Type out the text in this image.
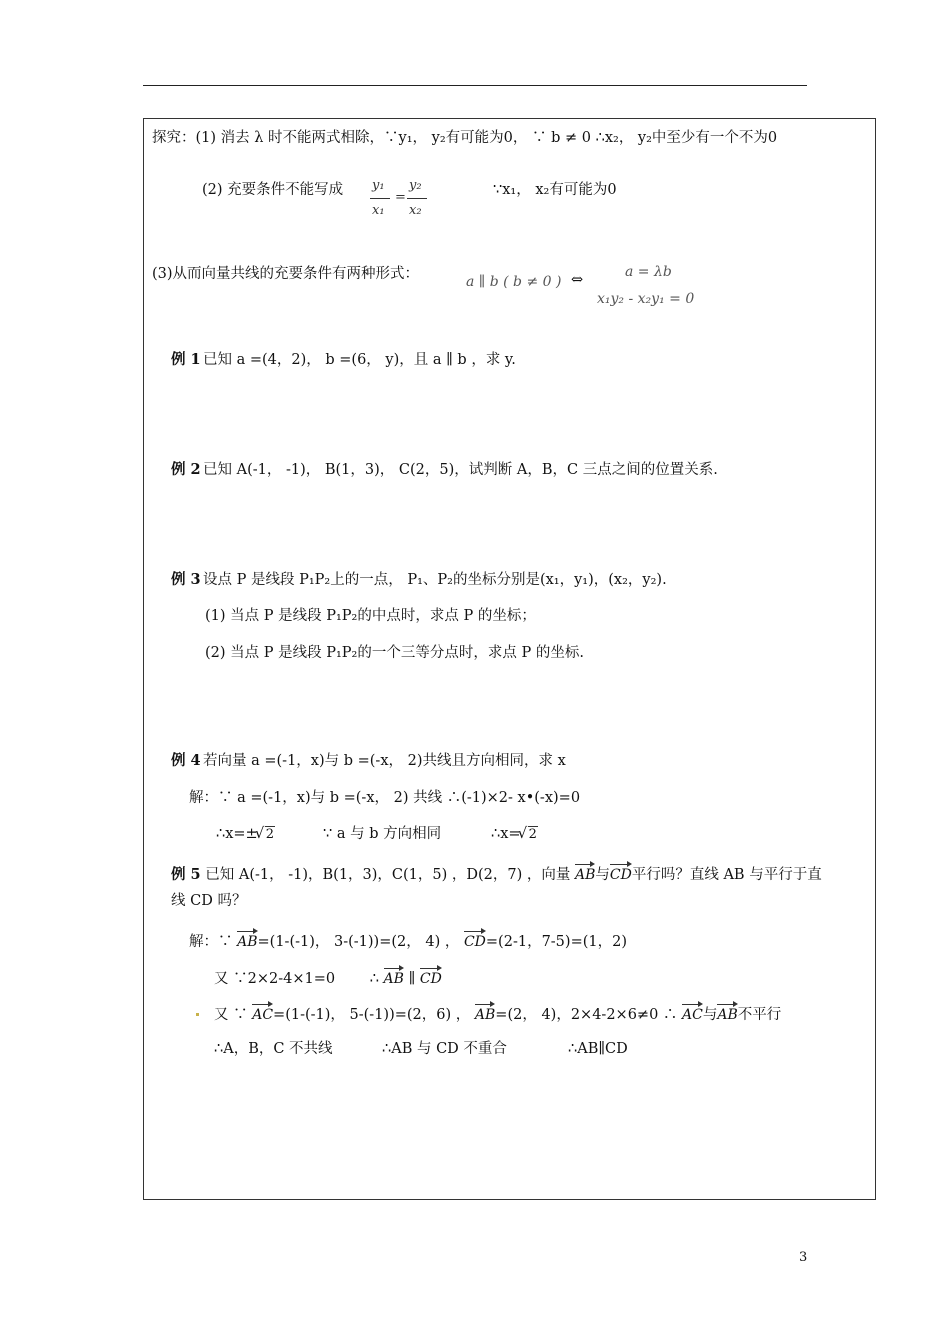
探究：(1) 消去 λ 时不能两式相除，∵y₁， y₂有可能为0， ∵ b ≠ 0 ∴x₂， y₂中至少有一个不为0
(2) 充要条件不能写成 y₁
x₁
=
y₂
x₂
∵x₁， x₂有可能为0
(3)从而向量共线的充要条件有两种形式：	a ∥ b ( b ≠ 0 ) ⇔	a = λb
x₁y₂ - x₂y₁ = 0
例 1 已知 a =(4，2)， b =(6， y)，且 a ∥ b ，求 y.
例 2 已知 A(-1， -1)， B(1，3)， C(2，5)，试判断 A，B，C 三点之间的位置关系.
例 3 设点 P 是线段 P₁P₂上的一点， P₁、P₂的坐标分别是(x₁，y₁)，(x₂，y₂).
(1) 当点 P 是线段 P₁P₂的中点时，求点 P 的坐标；
(2) 当点 P 是线段 P₁P₂的一个三等分点时，求点 P 的坐标.
例 4 若向量 a =(-1，x)与 b =(-x， 2)共线且方向相同，求 x
解：∵ a =(-1，x)与 b =(-x， 2) 共线 ∴(-1)×2- x•(-x)=0
∴x=± √ 2	∵ a 与 b 方向相同	∴x= √ 2
例 5 已知 A(-1， -1)，B(1，3)，C(1，5) ，D(2，7) ，向量 AB与CD平行吗？直线 AB 与平行于直
线 CD 吗？
解：∵ AB=(1-(-1)， 3-(-1))=(2， 4) ， CD=(2-1，7-5)=(1，2)
又 ∵2×2-4×1=0 ∴ AB ∥ CD
又 ∵ AC=(1-(-1)， 5-(-1))=(2，6) ， AB=(2， 4)，2×4-2×6≠0 ∴ AC与AB不平行
∴A，B，C 不共线	∴AB 与 CD 不重合	∴AB∥CD
3
